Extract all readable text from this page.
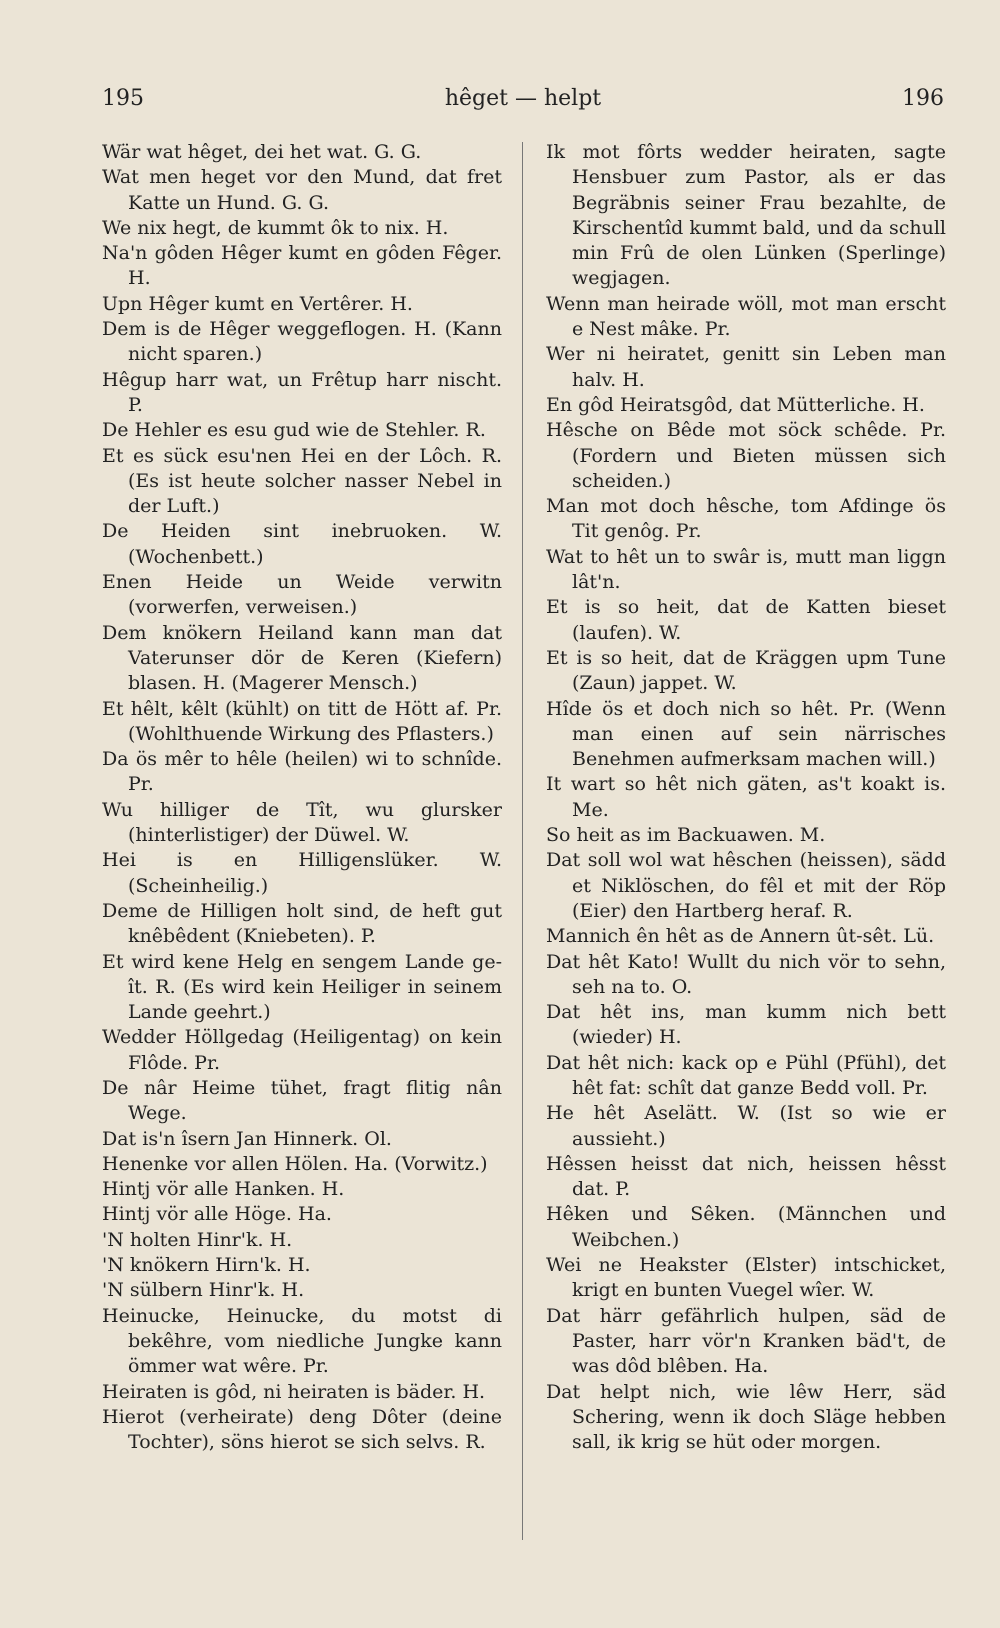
195	hêget — helpt	196

Wär wat hêget, dei het wat. G. G.

Wat men heget vor den Mund, dat fret Katte un Hund. G. G.

We nix hegt, de kummt ôk to nix. H.

Na'n gôden Hêger kumt en gôden Fêger. H.

Upn Hêger kumt en Vertêrer. H.

Dem is de Hêger weggeflogen. H. (Kann nicht sparen.)

Hêgup harr wat, un Frêtup harr nischt. P.

De Hehler es esu gud wie de Stehler. R.

Et es sück esu'nen Hei en der Lôch. R. (Es ist heute solcher nasser Nebel in der Luft.)

De Heiden sint inebruoken. W. (Wochenbett.)

Enen Heide un Weide verwitn (vorwerfen, verweisen.)

Dem knökern Heiland kann man dat Vaterunser dör de Keren (Kiefern) blasen. H. (Magerer Mensch.)

Et hêlt, kêlt (kühlt) on titt de Hött af. Pr. (Wohlthuende Wirkung des Pflasters.)

Da ös mêr to hêle (heilen) wi to schnîde. Pr.

Wu hilliger de Tît, wu glursker (hinterlistiger) der Düwel. W.

Hei is en Hilligenslüker. W. (Scheinheilig.)

Deme de Hilligen holt sind, de heft gut knêbêdent (Kniebeten). P.

Et wird kene Helg en sengem Lande ge-ît. R. (Es wird kein Heiliger in seinem Lande geehrt.)

Wedder Höllgedag (Heiligentag) on kein Flôde. Pr.

De nâr Heime tühet, fragt flitig nân Wege.

Dat is'n îsern Jan Hinnerk. Ol.

Henenke vor allen Hölen. Ha. (Vorwitz.)

Hintj vör alle Hanken. H.

Hintj vör alle Höge. Ha.

'N holten Hinr'k. H.

'N knökern Hirn'k. H.

'N sülbern Hinr'k. H.

Heinucke, Heinucke, du motst di bekêhre, vom niedliche Jungke kann ömmer wat wêre. Pr.

Heiraten is gôd, ni heiraten is bäder. H.

Hierot (verheirate) deng Dôter (deine Tochter), söns hierot se sich selvs. R.

Ik mot fôrts wedder heiraten, sagte Hensbuer zum Pastor, als er das Begräbnis seiner Frau bezahlte, de Kirschentîd kummt bald, und da schull min Frû de olen Lünken (Sperlinge) wegjagen.

Wenn man heirade wöll, mot man erscht e Nest mâke. Pr.

Wer ni heiratet, genitt sin Leben man halv. H.

En gôd Heiratsgôd, dat Mütterliche. H.

Hêsche on Bêde mot söck schêde. Pr. (Fordern und Bieten müssen sich scheiden.)

Man mot doch hêsche, tom Afdinge ös Tit genôg. Pr.

Wat to hêt un to swâr is, mutt man liggn lât'n.

Et is so heit, dat de Katten bieset (laufen). W.

Et is so heit, dat de Kräggen upm Tune (Zaun) jappet. W.

Hîde ös et doch nich so hêt. Pr. (Wenn man einen auf sein närrisches Benehmen aufmerksam machen will.)

It wart so hêt nich gäten, as't koakt is. Me.

So heit as im Backuawen. M.

Dat soll wol wat hêschen (heissen), sädd et Niklöschen, do fêl et mit der Röp (Eier) den Hartberg heraf. R.

Mannich ên hêt as de Annern ût-sêt. Lü.

Dat hêt Kato! Wullt du nich vör to sehn, seh na to. O.

Dat hêt ins, man kumm nich bett (wieder) H.

Dat hêt nich: kack op e Pühl (Pfühl), det hêt fat: schît dat ganze Bedd voll. Pr.

He hêt Aselätt. W. (Ist so wie er aussieht.)

Hêssen heisst dat nich, heissen hêsst dat. P.

Hêken und Sêken. (Männchen und Weibchen.)

Wei ne Heakster (Elster) intschicket, krigt en bunten Vuegel wîer. W.

Dat härr gefährlich hulpen, säd de Paster, harr vör'n Kranken bäd't, de was dôd blêben. Ha.

Dat helpt nich, wie lêw Herr, säd Schering, wenn ik doch Släge hebben sall, ik krig se hüt oder morgen.
